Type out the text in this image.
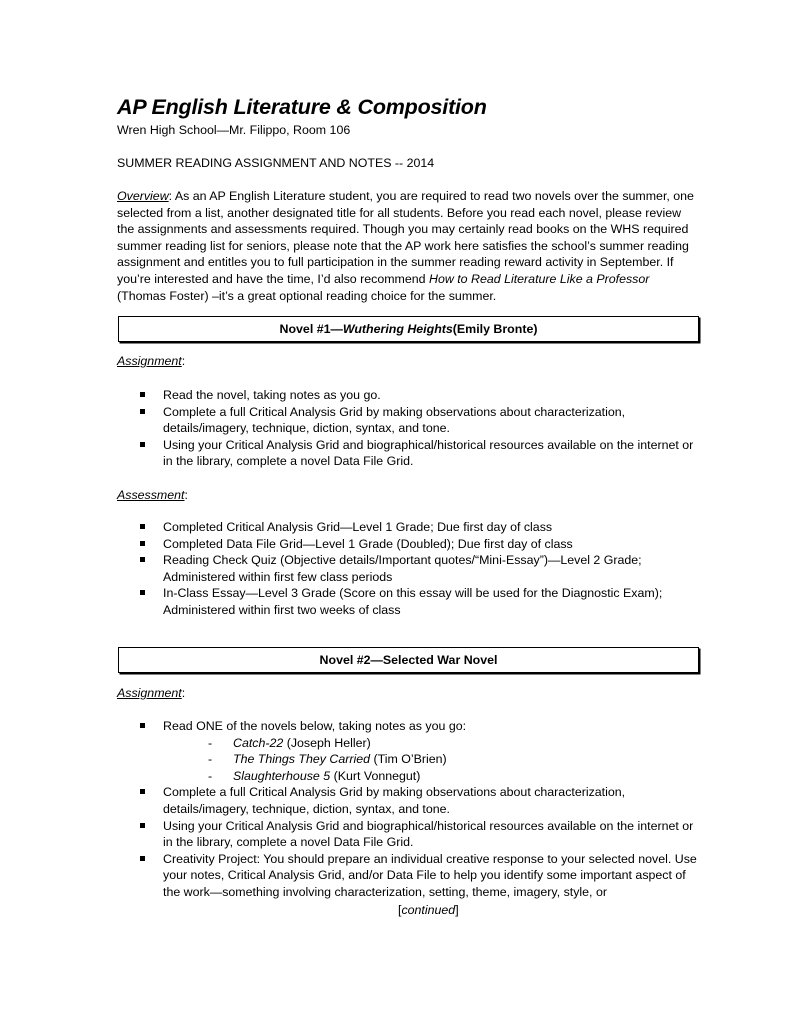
AP English Literature & Composition
Wren High School—Mr. Filippo, Room 106
SUMMER READING ASSIGNMENT AND NOTES -- 2014

Overview: As an AP English Literature student, you are required to read two novels over the summer, one selected from a list, another designated title for all students. Before you read each novel, please review the assignments and assessments required. Though you may certainly read books on the WHS required summer reading list for seniors, please note that the AP work here satisfies the school’s summer reading assignment and entitles you to full participation in the summer reading reward activity in September. If you’re interested and have the time, I’d also recommend How to Read Literature Like a Professor (Thomas Foster) –it’s a great optional reading choice for the summer.

Novel #1— Wuthering Heights (Emily Bronte)
Assignment:
Read the novel, taking notes as you go.
Complete a full Critical Analysis Grid by making observations about characterization, details/imagery, technique, diction, syntax, and tone.
Using your Critical Analysis Grid and biographical/historical resources available on the internet or in the library, complete a novel Data File Grid.
Assessment:
Completed Critical Analysis Grid—Level 1 Grade; Due first day of class
Completed Data File Grid—Level 1 Grade (Doubled); Due first day of class
Reading Check Quiz (Objective details/Important quotes/“Mini-Essay”)—Level 2 Grade; Administered within first few class periods
In-Class Essay—Level 3 Grade (Score on this essay will be used for the Diagnostic Exam); Administered within first two weeks of class
Novel #2—Selected War Novel
Assignment:
Read ONE of the novels below, taking notes as you go:
- Catch-22 (Joseph Heller)
- The Things They Carried (Tim O’Brien)
- Slaughterhouse 5 (Kurt Vonnegut)
Complete a full Critical Analysis Grid by making observations about characterization, details/imagery, technique, diction, syntax, and tone.
Using your Critical Analysis Grid and biographical/historical resources available on the internet or in the library, complete a novel Data File Grid.
Creativity Project: You should prepare an individual creative response to your selected novel. Use your notes, Critical Analysis Grid, and/or Data File to help you identify some important aspect of the work—something involving characterization, setting, theme, imagery, style, or
[continued]
